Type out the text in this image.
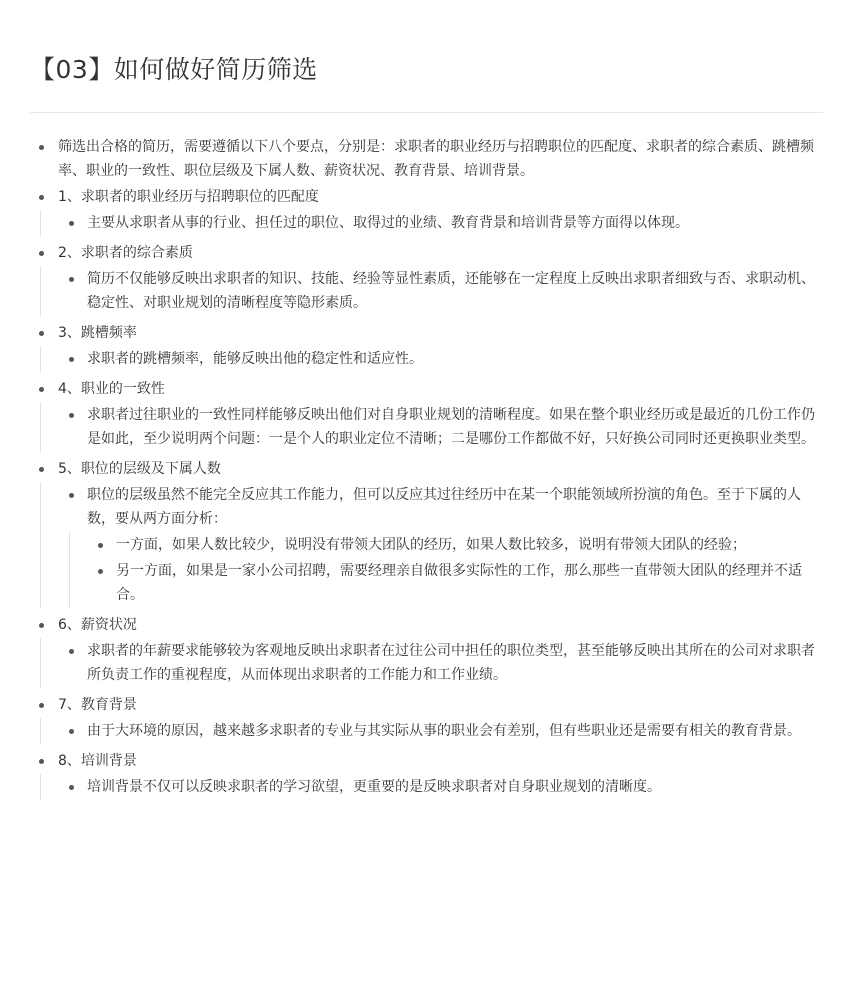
【03】如何做好简历筛选
筛选出合格的简历，需要遵循以下八个要点，分别是：求职者的职业经历与招聘职位的匹配度、求职者的综合素质、跳槽频率、职业的一致性、职位层级及下属人数、薪资状况、教育背景、培训背景。
1、求职者的职业经历与招聘职位的匹配度
主要从求职者从事的行业、担任过的职位、取得过的业绩、教育背景和培训背景等方面得以体现。
2、求职者的综合素质
简历不仅能够反映出求职者的知识、技能、经验等显性素质，还能够在一定程度上反映出求职者细致与否、求职动机、稳定性、对职业规划的清晰程度等隐形素质。
3、跳槽频率
求职者的跳槽频率，能够反映出他的稳定性和适应性。
4、职业的一致性
求职者过往职业的一致性同样能够反映出他们对自身职业规划的清晰程度。如果在整个职业经历或是最近的几份工作仍是如此，至少说明两个问题：一是个人的职业定位不清晰；二是哪份工作都做不好，只好换公司同时还更换职业类型。
5、职位的层级及下属人数
职位的层级虽然不能完全反应其工作能力，但可以反应其过往经历中在某一个职能领域所扮演的角色。至于下属的人数，要从两方面分析：
一方面，如果人数比较少，说明没有带领大团队的经历，如果人数比较多，说明有带领大团队的经验；
另一方面，如果是一家小公司招聘，需要经理亲自做很多实际性的工作，那么那些一直带领大团队的经理并不适合。
6、薪资状况
求职者的年薪要求能够较为客观地反映出求职者在过往公司中担任的职位类型，甚至能够反映出其所在的公司对求职者所负责工作的重视程度，从而体现出求职者的工作能力和工作业绩。
7、教育背景
由于大环境的原因，越来越多求职者的专业与其实际从事的职业会有差别，但有些职业还是需要有相关的教育背景。
8、培训背景
培训背景不仅可以反映求职者的学习欲望，更重要的是反映求职者对自身职业规划的清晰度。
